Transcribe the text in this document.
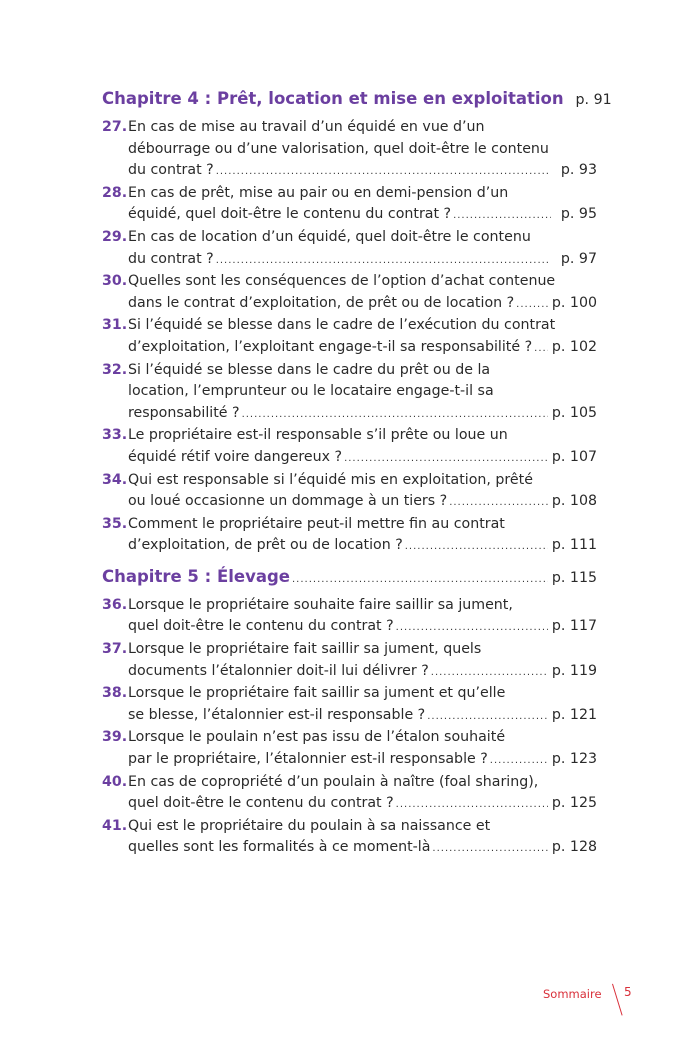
Chapitre 4 : Prêt, location et mise en exploitation p. 91
27. En cas de mise au travail d’un équidé en vue d’un
débourrage ou d’une valorisation, quel doit-être le contenu
du contrat ? .....	p. 93
28. En cas de prêt, mise au pair ou en demi-pension d’un
équidé, quel doit-être le contenu du contrat ? .....	p. 95
29. En cas de location d’un équidé, quel doit-être le contenu
du contrat ? .....	p. 97
30. Quelles sont les conséquences de l’option d’achat contenue
dans le contrat d’exploitation, de prêt ou de location ? .....	p. 100
31. Si l’équidé se blesse dans le cadre de l’exécution du contrat
d’exploitation, l’exploitant engage-t-il sa responsabilité ? ..... p. 102
32. Si l’équidé se blesse dans le cadre du prêt ou de la
location, l’emprunteur ou le locataire engage-t-il sa
responsabilité ? .....	p. 105
33. Le propriétaire est-il responsable s’il prête ou loue un
équidé rétif voire dangereux ? .....	p. 107
34. Qui est responsable si l’équidé mis en exploitation, prêté
ou loué occasionne un dommage à un tiers ? .....	p. 108
35. Comment le propriétaire peut-il mettre fin au contrat
d’exploitation, de prêt ou de location ? .....	p. 111
Chapitre 5 : Élevage .....	p. 115
36. Lorsque le propriétaire souhaite faire saillir sa jument,
quel doit-être le contenu du contrat ? .....	p. 117
37. Lorsque le propriétaire fait saillir sa jument, quels
documents l’étalonnier doit-il lui délivrer ? .....	p. 119
38. Lorsque le propriétaire fait saillir sa jument et qu’elle
se blesse, l’étalonnier est-il responsable ? .....	p. 121
39. Lorsque le poulain n’est pas issu de l’étalon souhaité
par le propriétaire, l’étalonnier est-il responsable ? .....	p. 123
40. En cas de copropriété d’un poulain à naître (foal sharing),
quel doit-être le contenu du contrat ? .....	p. 125
41. Qui est le propriétaire du poulain à sa naissance et
quelles sont les formalités à ce moment-là .....	p. 128
Sommaire 5
